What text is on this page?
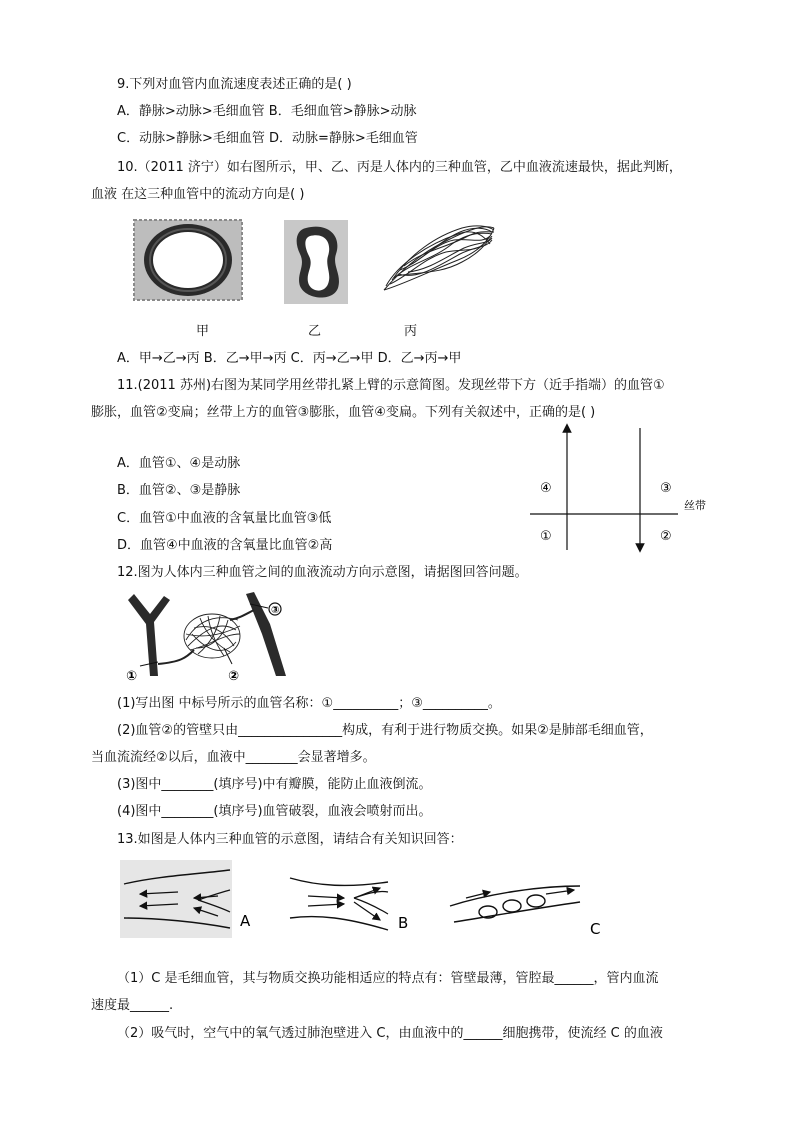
9.下列对血管内血流速度表述正确的是( )
A．静脉>动脉>毛细血管 B．毛细血管>静脉>动脉
C．动脉>静脉>毛细血管 D．动脉=静脉>毛细血管
10.（2011 济宁）如右图所示，甲、乙、丙是人体内的三种血管，乙中血液流速最快，据此判断，
血液 在这三种血管中的流动方向是( )
甲	乙	丙
A．甲→乙→丙 B．乙→甲→丙 C．丙→乙→甲 D．乙→丙→甲
11.(2011 苏州)右图为某同学用丝带扎紧上臂的示意简图。发现丝带下方（近手指端）的血管①
膨胀，血管②变扁；丝带上方的血管③膨胀，血管④变扁。下列有关叙述中，正确的是( )
A．血管①、④是动脉
B．血管②、③是静脉
C．血管①中血液的含氧量比血管③低
D．血管④中血液的含氧量比血管②高
④	③
①	②
丝带
12.图为人体内三种血管之间的血液流动方向示意图，请据图回答问题。
③
①	②
(1)写出图 中标号所示的血管名称：①__________；③__________。
(2)血管②的管壁只由________________构成，有利于进行物质交换。如果②是肺部毛细血管，
当血流流经②以后，血液中________会显著增多。
(3)图中________(填序号)中有瓣膜，能防止血液倒流。
(4)图中________(填序号)血管破裂，血液会喷射而出。
13.如图是人体内三种血管的示意图，请结合有关知识回答：
A	B	C
（1）C 是毛细血管，其与物质交换功能相适应的特点有：管壁最薄，管腔最______，管内血流
速度最______.
（2）吸气时，空气中的氧气透过肺泡壁进入 C，由血液中的______细胞携带，使流经 C 的血液
